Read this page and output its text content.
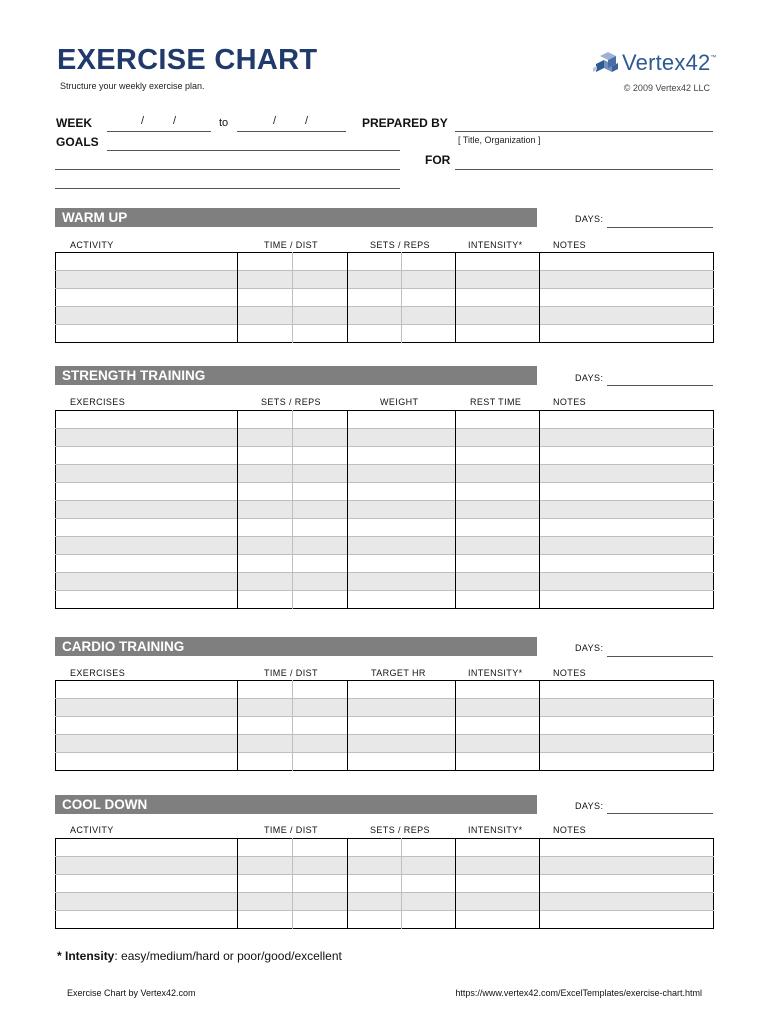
EXERCISE CHART
Structure your weekly exercise plan.
Vertex42™
© 2009 Vertex42 LLC
WEEK	/	/	to	/	/	PREPARED BY
[ Title, Organization ]
GOALS
FOR
WARM UP	DAYS:
ACTIVITY	TIME / DIST	SETS / REPS	INTENSITY*	NOTES

STRENGTH TRAINING	DAYS:
EXERCISES	SETS / REPS	WEIGHT	REST TIME	NOTES

CARDIO TRAINING	DAYS:
EXERCISES	TIME / DIST	TARGET HR	INTENSITY*	NOTES

COOL DOWN	DAYS:
ACTIVITY	TIME / DIST	SETS / REPS	INTENSITY*	NOTES

* Intensity: easy/medium/hard or poor/good/excellent
Exercise Chart by Vertex42.com	https://www.vertex42.com/ExcelTemplates/exercise-chart.html
